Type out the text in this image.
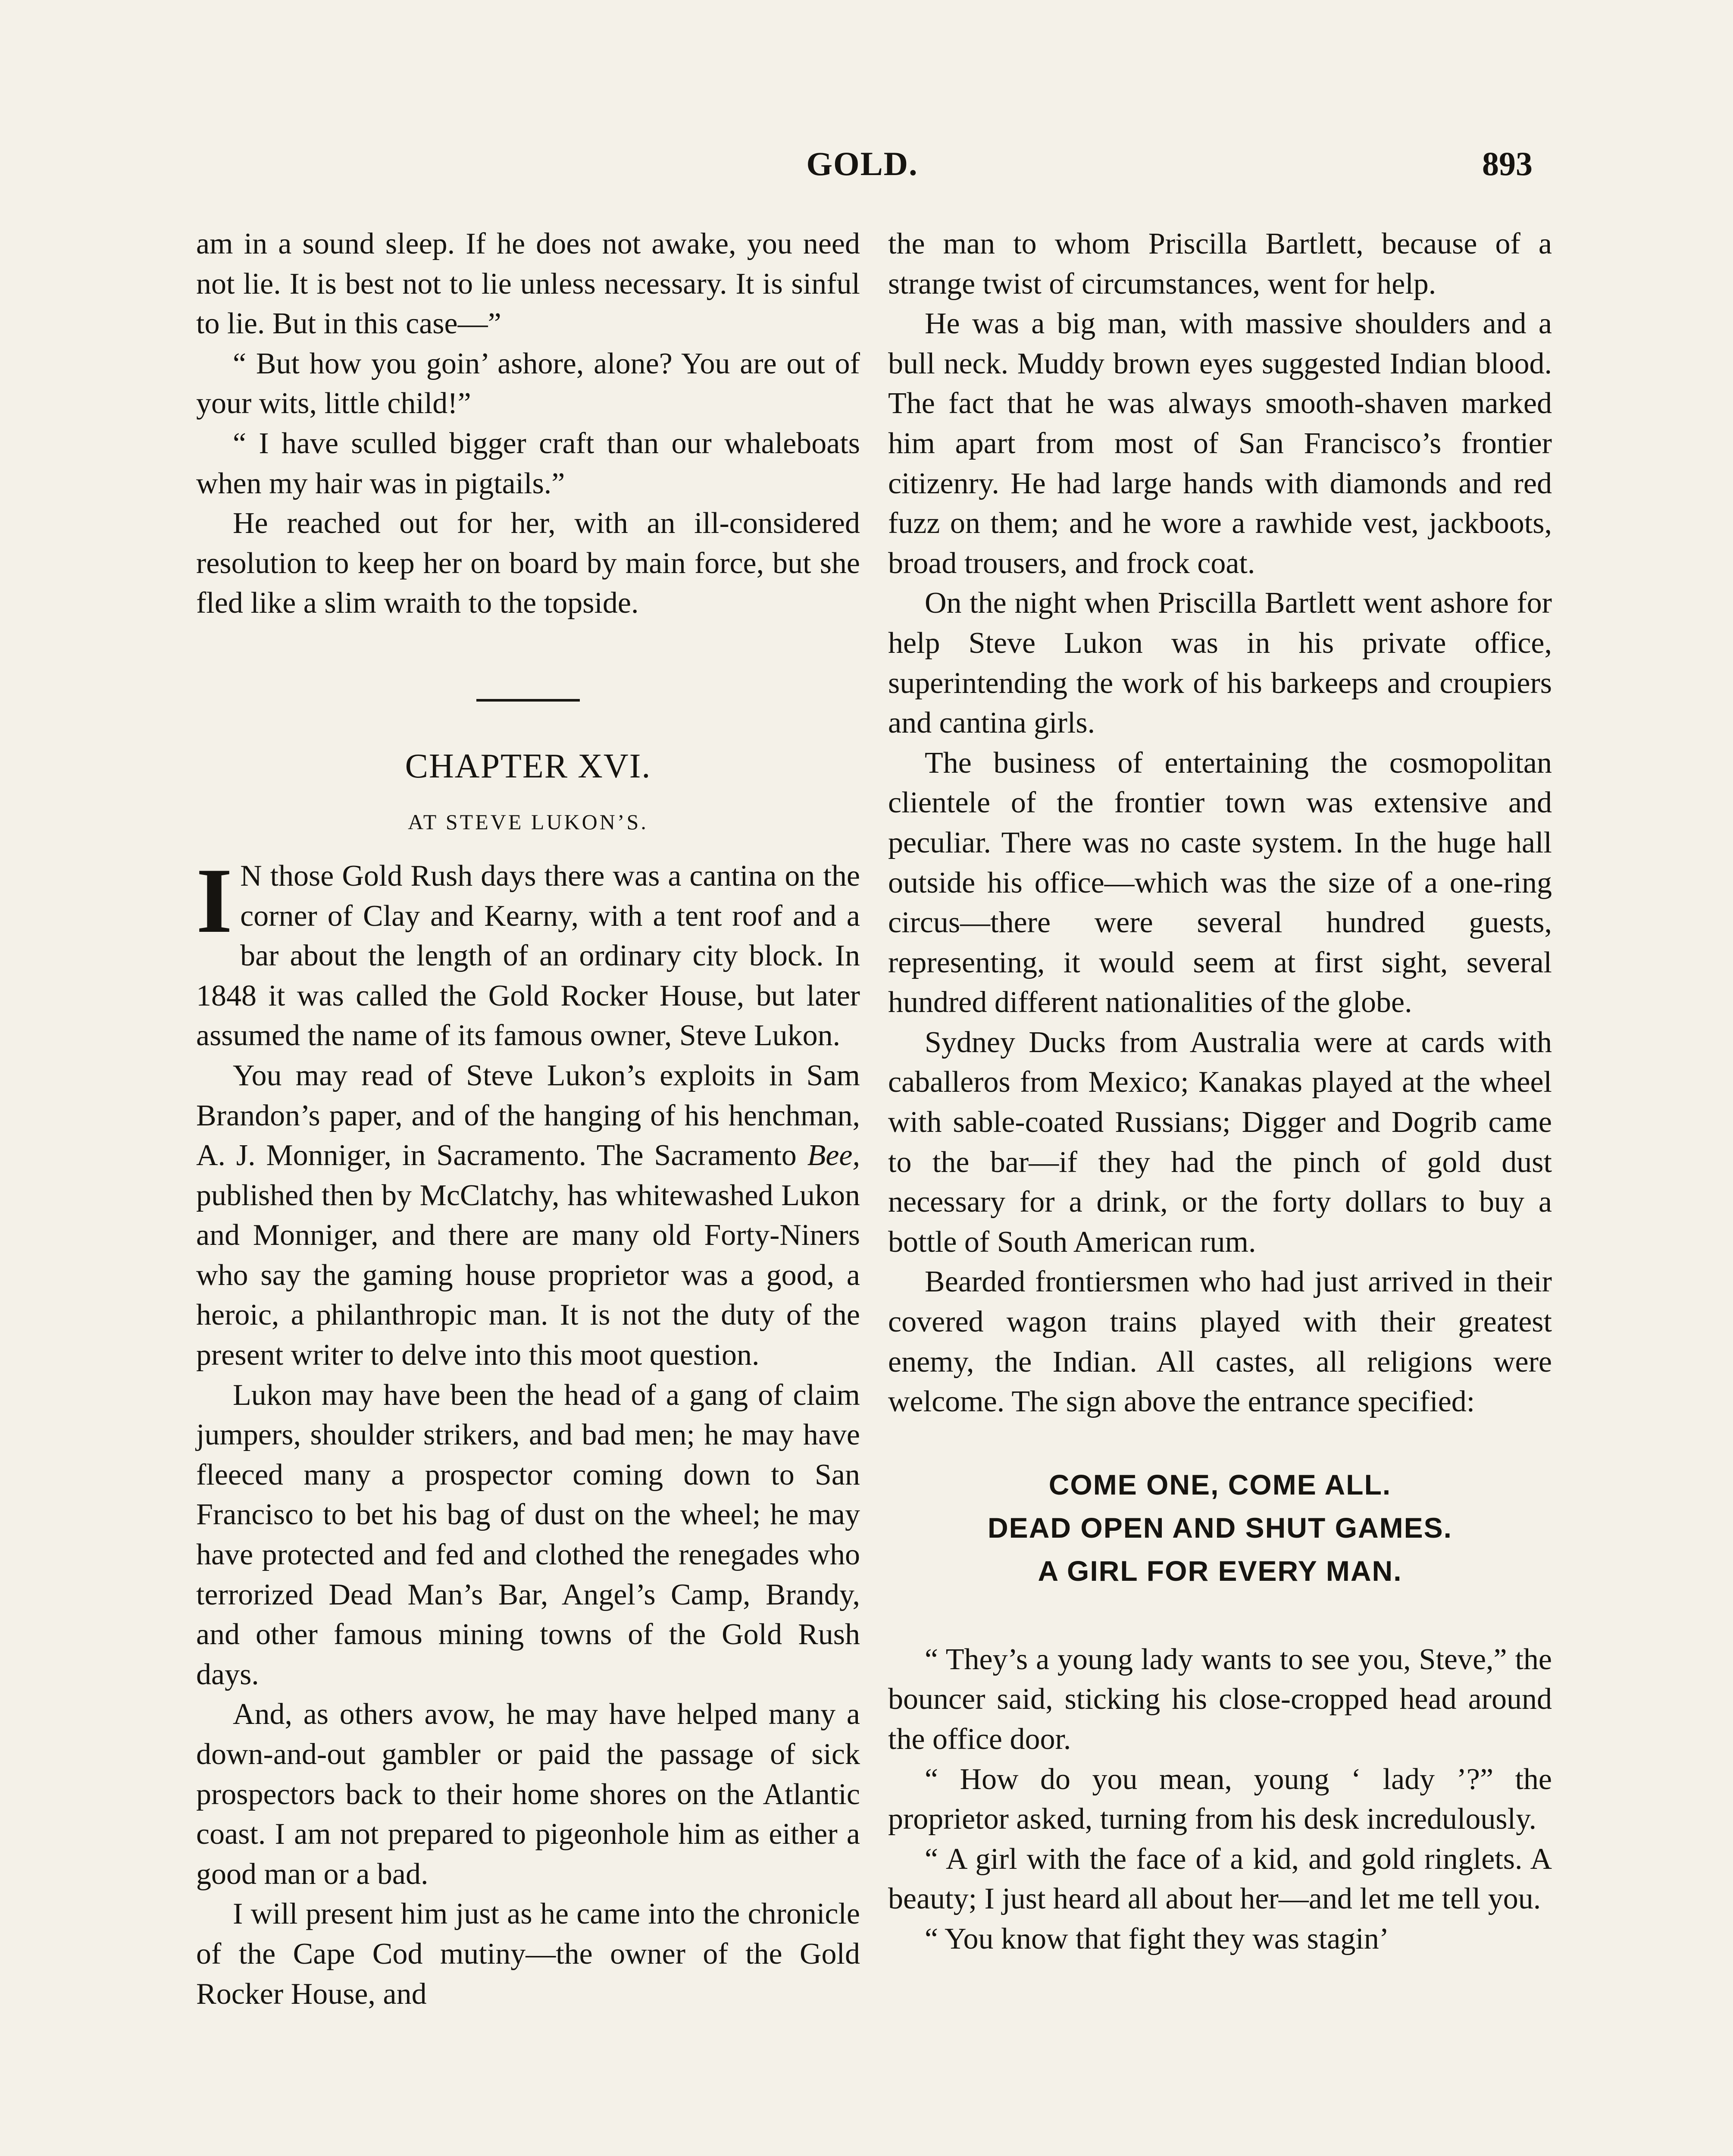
GOLD.	893

am in a sound sleep. If he does not awake, you need not lie. It is best not to lie unless necessary. It is sinful to lie. But in this case—”

“ But how you goin’ ashore, alone? You are out of your wits, little child!”

“ I have sculled bigger craft than our whaleboats when my hair was in pigtails.”

He reached out for her, with an ill-considered resolution to keep her on board by main force, but she fled like a slim wraith to the topside.

CHAPTER XVI.
AT STEVE LUKON’S.

I N those Gold Rush days there was a cantina on the corner of Clay and Kearny, with a tent roof and a bar about the length of an ordinary city block. In 1848 it was called the Gold Rocker House, but later assumed the name of its famous owner, Steve Lukon.

You may read of Steve Lukon’s exploits in Sam Brandon’s paper, and of the hanging of his henchman, A. J. Monniger, in Sacramento. The Sacramento Bee, published then by McClatchy, has whitewashed Lukon and Monniger, and there are many old Forty-Niners who say the gaming house proprietor was a good, a heroic, a philanthropic man. It is not the duty of the present writer to delve into this moot question.

Lukon may have been the head of a gang of claim jumpers, shoulder strikers, and bad men; he may have fleeced many a prospector coming down to San Francisco to bet his bag of dust on the wheel; he may have protected and fed and clothed the renegades who terrorized Dead Man’s Bar, Angel’s Camp, Brandy, and other famous mining towns of the Gold Rush days.

And, as others avow, he may have helped many a down-and-out gambler or paid the passage of sick prospectors back to their home shores on the Atlantic coast. I am not prepared to pigeonhole him as either a good man or a bad.

I will present him just as he came into the chronicle of the Cape Cod mutiny—the owner of the Gold Rocker House, and

the man to whom Priscilla Bartlett, because of a strange twist of circumstances, went for help.

He was a big man, with massive shoulders and a bull neck. Muddy brown eyes suggested Indian blood. The fact that he was always smooth-shaven marked him apart from most of San Francisco’s frontier citizenry. He had large hands with diamonds and red fuzz on them; and he wore a rawhide vest, jackboots, broad trousers, and frock coat.

On the night when Priscilla Bartlett went ashore for help Steve Lukon was in his private office, superintending the work of his barkeeps and croupiers and cantina girls.

The business of entertaining the cosmopolitan clientele of the frontier town was extensive and peculiar. There was no caste system. In the huge hall outside his office—which was the size of a one-ring circus—there were several hundred guests, representing, it would seem at first sight, several hundred different nationalities of the globe.

Sydney Ducks from Australia were at cards with caballeros from Mexico; Kanakas played at the wheel with sable-coated Russians; Digger and Dogrib came to the bar—if they had the pinch of gold dust necessary for a drink, or the forty dollars to buy a bottle of South American rum.

Bearded frontiersmen who had just arrived in their covered wagon trains played with their greatest enemy, the Indian. All castes, all religions were welcome. The sign above the entrance specified:

COME ONE, COME ALL.
DEAD OPEN AND SHUT GAMES.
A GIRL FOR EVERY MAN.

“ They’s a young lady wants to see you, Steve,” the bouncer said, sticking his close-cropped head around the office door.

“ How do you mean, young ‘ lady ’?” the proprietor asked, turning from his desk incredulously.

“ A girl with the face of a kid, and gold ringlets. A beauty; I just heard all about her—and let me tell you.

“ You know that fight they was stagin’
